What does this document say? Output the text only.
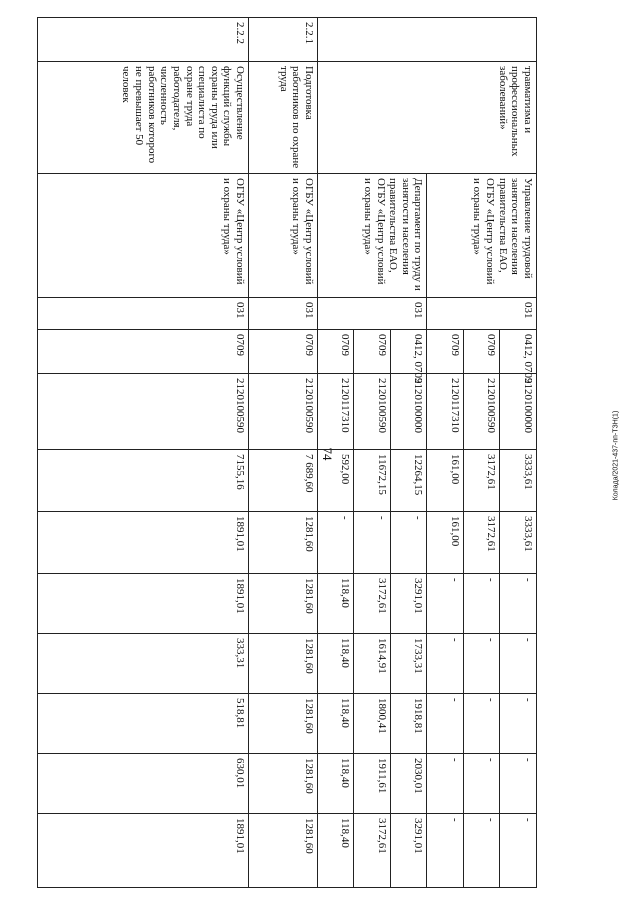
74	Колада/2021-437-пп-ТЗН(1)
	травматизма и профессиональных заболеваний»	Управление трудовой занятости населения правительства ЕАО, ОГБУ «Центр условий и охраны труда»	031	0412, 0709	2120100000	3333,61	3333,61	-	-	-	-	-
				0709	2120100590	3172,61	3172,61	-	-	-	-	-
				0709	2120117310	161,00	161,00	-	-	-	-	-
		Департамент по труду и занятости населения правительства ЕАО, ОГБУ «Центр условий и охраны труда»	031	0412, 0709	2120100000	12264,15	-	3291,01	1733,31	1918,81	2030,01	3291,01
				0709	2120100590	11672,15	-	3172,61	1614,91	1800,41	1911,61	3172,61
				0709	2120117310	592,00	-	118,40	118,40	118,40	118,40	118,40
2.2.1	Подготовка работников по охране труда	ОГБУ «Центр условий и охраны труда»	031	0709	2120100590	7 689,60	1281,60	1281,60	1281,60	1281,60	1281,60	1281,60
2.2.2	Осуществление функций службы охраны труда или специалиста по охране труда работодателя, численность работников которого не превышает 50 человек	ОГБУ «Центр условий и охраны труда»	031	0709	2120100590	7155,16	1891,01	1891,01	333,31	518,81	630,01	1891,01
